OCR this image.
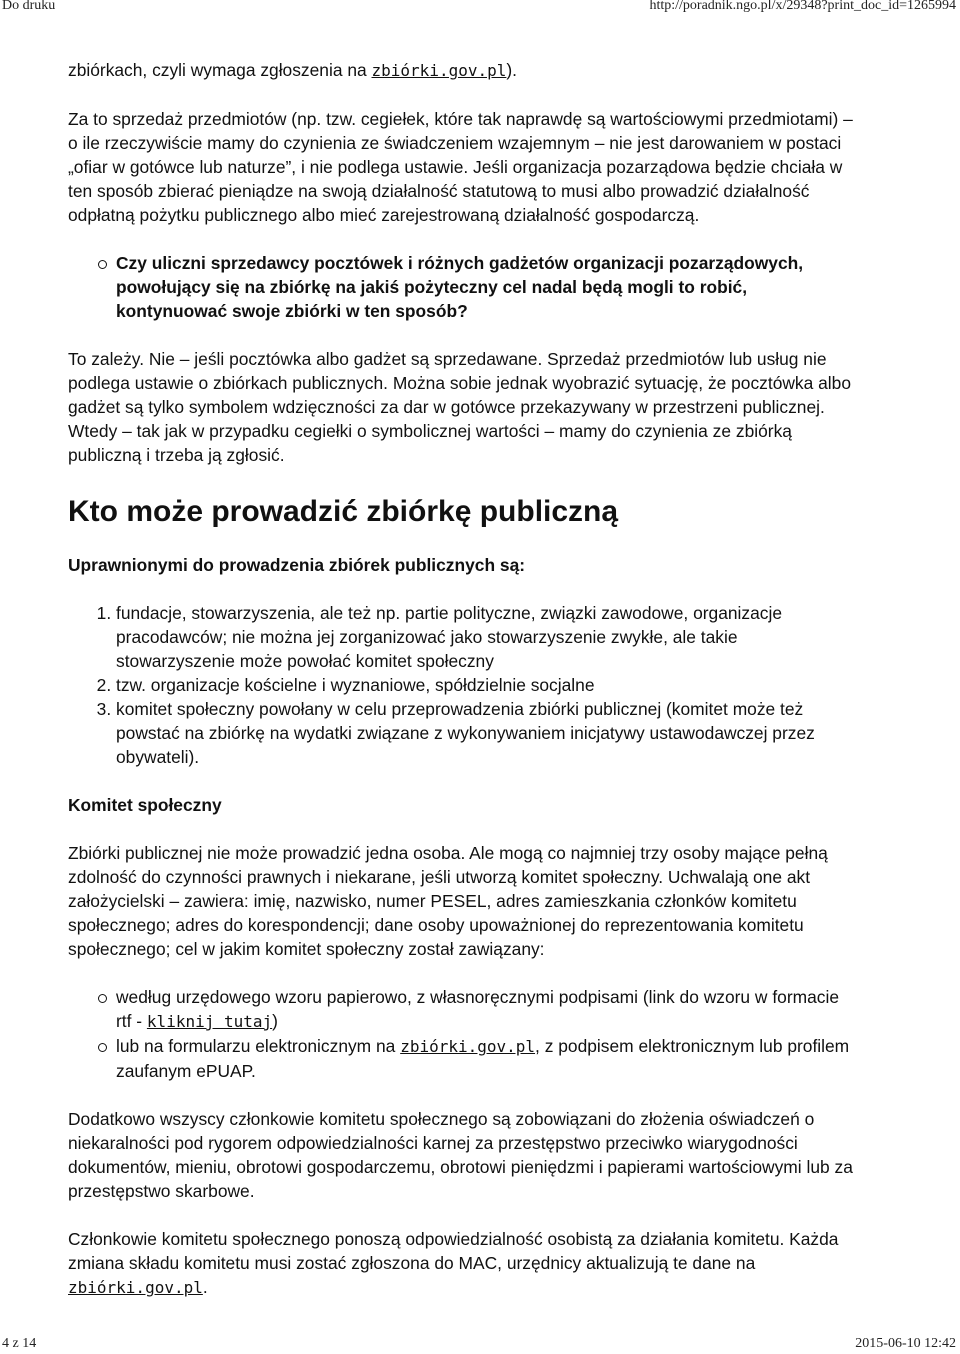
Do druku	http://poradnik.ngo.pl/x/29348?print_doc_id=1265994

zbiórkach, czyli wymaga zgłoszenia na zbiórki.gov.pl).

Za to sprzedaż przedmiotów (np. tzw. cegiełek, które tak naprawdę są wartościowymi przedmiotami) – o ile rzeczywiście mamy do czynienia ze świadczeniem wzajemnym – nie jest darowaniem w postaci „ofiar w gotówce lub naturze”, i nie podlega ustawie. Jeśli organizacja pozarządowa będzie chciała w ten sposób zbierać pieniądze na swoją działalność statutową to musi albo prowadzić działalność odpłatną pożytku publicznego albo mieć zarejestrowaną działalność gospodarczą.

Czy uliczni sprzedawcy pocztówek i różnych gadżetów organizacji pozarządowych, powołujący się na zbiórkę na jakiś pożyteczny cel nadal będą mogli to robić, kontynuować swoje zbiórki w ten sposób?

To zależy. Nie – jeśli pocztówka albo gadżet są sprzedawane. Sprzedaż przedmiotów lub usług nie podlega ustawie o zbiórkach publicznych. Można sobie jednak wyobrazić sytuację, że pocztówka albo gadżet są tylko symbolem wdzięczności za dar w gotówce przekazywany w przestrzeni publicznej. Wtedy – tak jak w przypadku cegiełki o symbolicznej wartości – mamy do czynienia ze zbiórką publiczną i trzeba ją zgłosić.

Kto może prowadzić zbiórkę publiczną
Uprawnionymi do prowadzenia zbiórek publicznych są:
1. fundacje, stowarzyszenia, ale też np. partie polityczne, związki zawodowe, organizacje pracodawców; nie można jej zorganizować jako stowarzyszenie zwykłe, ale takie stowarzyszenie może powołać komitet społeczny
2. tzw. organizacje kościelne i wyznaniowe, spółdzielnie socjalne
3. komitet społeczny powołany w celu przeprowadzenia zbiórki publicznej (komitet może też powstać na zbiórkę na wydatki związane z wykonywaniem inicjatywy ustawodawczej przez obywateli).
Komitet społeczny

Zbiórki publicznej nie może prowadzić jedna osoba. Ale mogą co najmniej trzy osoby mające pełną zdolność do czynności prawnych i niekarane, jeśli utworzą komitet społeczny. Uchwalają one akt założycielski – zawiera: imię, nazwisko, numer PESEL, adres zamieszkania członków komitetu społecznego; adres do korespondencji; dane osoby upoważnionej do reprezentowania komitetu społecznego; cel w jakim komitet społeczny został zawiązany:

według urzędowego wzoru papierowo, z własnoręcznymi podpisami (link do wzoru w formacie rtf - kliknij tutaj)
lub na formularzu elektronicznym na zbiórki.gov.pl, z podpisem elektronicznym lub profilem zaufanym ePUAP.

Dodatkowo wszyscy członkowie komitetu społecznego są zobowiązani do złożenia oświadczeń o niekaralności pod rygorem odpowiedzialności karnej za przestępstwo przeciwko wiarygodności dokumentów, mieniu, obrotowi gospodarczemu, obrotowi pieniędzmi i papierami wartościowymi lub za przestępstwo skarbowe.

Członkowie komitetu społecznego ponoszą odpowiedzialność osobistą za działania komitetu. Każda zmiana składu komitetu musi zostać zgłoszona do MAC, urzędnicy aktualizują te dane na zbiórki.gov.pl.

4 z 14	2015-06-10 12:42
